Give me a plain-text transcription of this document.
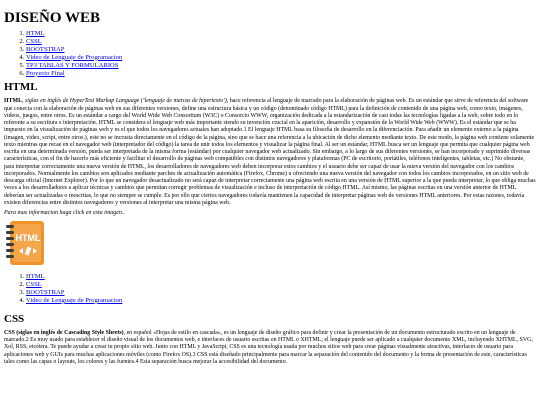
DISEÑO WEB
1. HTML
2. CSSL
3. BOOTSTRAP
4. Video de Lenguaje de Programacion
5. TP3 TABLAS Y FORMULARIOS
6. Proyecto Final
HTML

HTML, siglas en inglés de HyperText Markup Language (‘lenguaje de marcas de hipertexto’), hace referencia al lenguaje de marcado para la elaboración de páginas web. Es un estándar que sirve de referencia del software que conecta con la elaboración de páginas web en sus diferentes versiones, define una estructura básica y un código (denominado código HTML) para la definición de contenido de una página web, como texto, imágenes, videos, juegos, entre otros. Es un estándar a cargo del World Wide Web Consortium (W3C) o Consorcio WWW, organización dedicada a la estandarización de casi todas las tecnologías ligadas a la web, sobre todo en lo referente a su escritura e interpretación. HTML se considera el lenguaje web más importante siendo su invención crucial en la aparición, desarrollo y expansión de la World Wide Web (WWW). Es el estándar que se ha impuesto en la visualización de páginas web y es el que todos los navegadores actuales han adoptado.1 El lenguaje HTML basa su filosofía de desarrollo en la diferenciación. Para añadir un elemento externo a la página (imagen, video, script, entre otros.), este no se incrusta directamente en el código de la página, sino que se hace una referencia a la ubicación de dicho elemento mediante texto. De este modo, la página web contiene solamente texto mientras que recae en el navegador web (interpretador del código) la tarea de unir todos los elementos y visualizar la página final. Al ser un estándar, HTML busca ser un lenguaje que permita que cualquier página web escrita en una determinada versión, pueda ser interpretada de la misma forma (estándar) por cualquier navegador web actualizado. Sin embargo, a lo largo de sus diferentes versiones, se han incorporado y suprimido diversas características, con el fin de hacerlo más eficiente y facilitar el desarrollo de páginas web compatibles con distintos navegadores y plataformas (PC de escritorio, portátiles, teléfonos inteligentes, tabletas, etc.) No obstante, para interpretar correctamente una nueva versión de HTML, los desarrolladores de navegadores web deben incorporar estos cambios y el usuario debe ser capaz de usar la nueva versión del navegador con los cambios incorporados. Normalmente los cambios son aplicados mediante parches de actualización automática (Firefox, Chrome) u ofreciendo una nueva versión del navegador con todos los cambios incorporados, en un sitio web de descarga oficial (Internet Explorer). Por lo que un navegador desactualizado no será capaz de interpretar correctamente una página web escrita en una versión de HTML superior a la que pueda interpretar, lo que obliga muchas veces a los desarrolladores a aplicar técnicas y cambios que permitan corregir problemas de visualización e incluso de interpretación de código HTML. Así mismo, las páginas escritas en una versión anterior de HTML deberían ser actualizadas o reescritas, lo que no siempre se cumple. Es por ello que ciertos navegadores todavía mantienen la capacidad de interpretar páginas web de versiones HTML anteriores. Por estas razones, todavía existen diferencias entre distintos navegadores y versiones al interpretar una misma página web.

Para mas informacion haga click en esta imagen..
HTML
1. HTML
2. CSSL
3. BOOTSTRAP
4. Video de Lenguaje de Programacion
CSS

CSS (siglas en inglés de Cascading Style Sheets), en español «Hojas de estilo en cascada», es un lenguaje de diseño gráfico para definir y crear la presentación de un documento estructurado escrito en un lenguaje de marcado.2 Es muy usado para establecer el diseño visual de los documentos web, e interfaces de usuario escritas en HTML o XHTML; el lenguaje puede ser aplicado a cualquier documento XML, incluyendo XHTML, SVG, Xol, RSS, etcétera. Te puede ayudar a crear tu propio sitio web. Junto con HTML y JavaScript, CSS es una tecnología usada por muchos sitios web para crear páginas visualmente atractivas, interfaces de usuario para aplicaciones web y GUIs para muchas aplicaciones móviles (como Firefox OS).3 CSS está diseñado principalmente para marcar la separación del contenido del documento y la forma de presentación de este, características tales como las capas o layouts, los colores y las fuentes.4 Esta separación busca mejorar la accesibilidad del documento.
